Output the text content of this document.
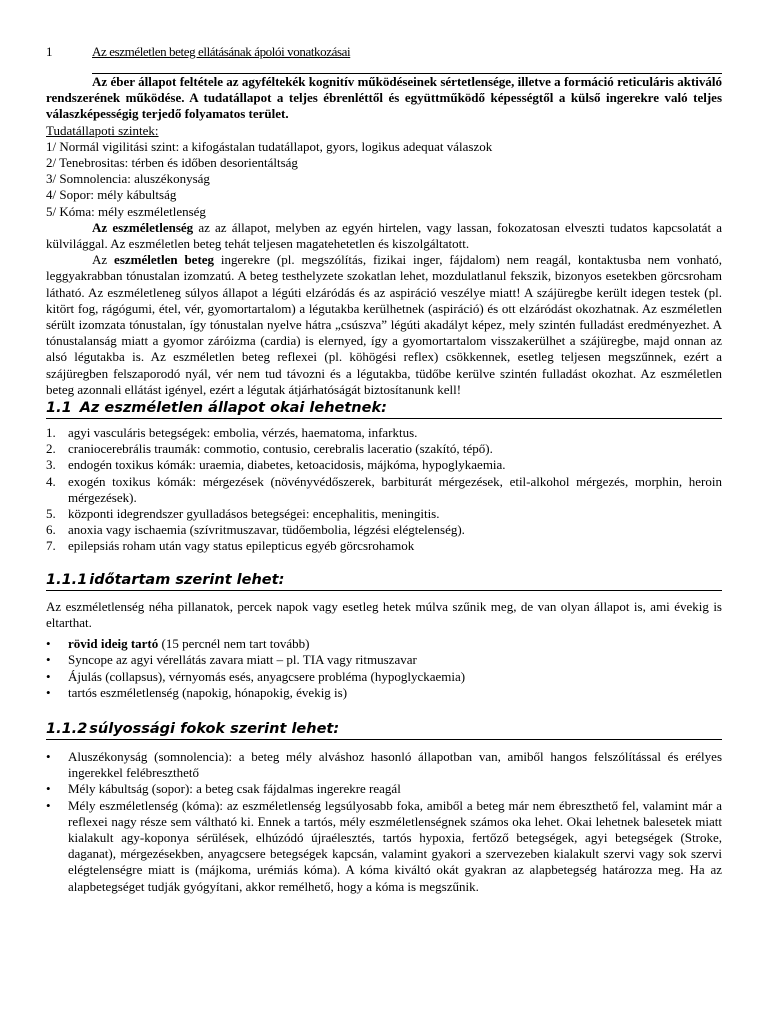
1	Az eszméletlen beteg ellátásának ápolói vonatkozásai

Az éber állapot feltétele az agyféltekék kognitív működéseinek sértetlensége, illetve a formáció reticuláris aktiváló rendszerének működése. A tudatállapot a teljes ébrenléttől és együttműködő képességtől a külső ingerekre való teljes válaszképességig terjedő folyamatos terület.

Tudatállapoti szintek:
1/ Normál vigilitási szint: a kifogástalan tudatállapot, gyors, logikus adequat válaszok
2/ Tenebrositas: térben és időben desorientáltság
3/ Somnolencia: aluszékonyság
4/ Sopor: mély kábultság
5/ Kóma: mély eszméletlenség

Az eszméletlenség az az állapot, melyben az egyén hirtelen, vagy lassan, fokozatosan elveszti tudatos kapcsolatát a külvilággal. Az eszméletlen beteg tehát teljesen magatehetetlen és kiszolgáltatott.

Az eszméletlen beteg ingerekre (pl. megszólítás, fizikai inger, fájdalom) nem reagál, kontaktusba nem vonható, leggyakrabban tónustalan izomzatú. A beteg testhelyzete szokatlan lehet, mozdulatlanul fekszik, bizonyos esetekben görcsroham látható. Az eszméletleneg súlyos állapot a légúti elzáródás és az aspiráció veszélye miatt! A szájüregbe került idegen testek (pl. kitört fog, rágógumi, étel, vér, gyomortartalom) a légutakba kerülhetnek (aspiráció) és ott elzáródást okozhatnak. Az eszméletlen sérült izomzata tónustalan, így tónustalan nyelve hátra „csúszva” légúti akadályt képez, mely szintén fulladást eredményezhet. A tónustalanság miatt a gyomor záróizma (cardia) is elernyed, így a gyomortartalom visszakerülhet a szájüregbe, majd onnan az alsó légutakba is. Az eszméletlen beteg reflexei (pl. köhögési reflex) csökkennek, esetleg teljesen megszűnnek, ezért a szájüregben felszaporodó nyál, vér nem tud távozni és a légutakba, tüdőbe kerülve szintén fulladást okozhat. Az eszméletlen beteg azonnali ellátást igényel, ezért a légutak átjárhatóságát biztosítanunk kell!

1.1 Az eszméletlen állapot okai lehetnek:
1. agyi vasculáris betegségek: embolia, vérzés, haematoma, infarktus.
2. craniocerebrális traumák: commotio, contusio, cerebralis laceratio (szakító, tépő).
3. endogén toxikus kómák: uraemia, diabetes, ketoacidosis, májkóma, hypoglykaemia.
4. exogén toxikus kómák: mérgezések (növényvédőszerek, barbiturát mérgezések, etil-alkohol mérgezés, morphin, heroin mérgezések).
5. központi idegrendszer gyulladásos betegségei: encephalitis, meningitis.
6. anoxia vagy ischaemia (szívritmuszavar, tüdőembolia, légzési elégtelenség).
7. epilepsiás roham után vagy status epilepticus egyéb görcsrohamok
1.1.1 időtartam szerint lehet:

Az eszméletlenség néha pillanatok, percek napok vagy esetleg hetek múlva szűnik meg, de van olyan állapot is, ami évekig is eltarthat.

•	rövid ideig tartó (15 percnél nem tart tovább)
•	Syncope az agyi vérellátás zavara miatt – pl. TIA vagy ritmuszavar
•	Ájulás (collapsus), vérnyomás esés, anyagcsere probléma (hypoglyckaemia)
•	tartós eszméletlenség (napokig, hónapokig, évekig is)
1.1.2 súlyossági fokok szerint lehet:
•	Aluszékonyság (somnolencia): a beteg mély alváshoz hasonló állapotban van, amiből hangos felszólítással és erélyes ingerekkel felébreszthető
•	Mély kábultság (sopor): a beteg csak fájdalmas ingerekre reagál
•	Mély eszméletlenség (kóma): az eszméletlenség legsúlyosabb foka, amiből a beteg már nem ébreszthető fel, valamint már a reflexei nagy része sem váltható ki. Ennek a tartós, mély eszméletlenségnek számos oka lehet. Okai lehetnek balesetek miatt kialakult agy-koponya sérülések, elhúzódó újraélesztés, tartós hypoxia, fertőző betegségek, agyi betegségek (Stroke, daganat), mérgezésekben, anyagcsere betegségek kapcsán, valamint gyakori a szervezeben kialakult szervi vagy sok szervi elégtelenségre miatt is (májkoma, urémiás kóma). A kóma kiváltó okát gyakran az alapbetegség határozza meg. Ha az alapbetegséget tudják gyógyítani, akkor remélhető, hogy a kóma is megszűnik.
